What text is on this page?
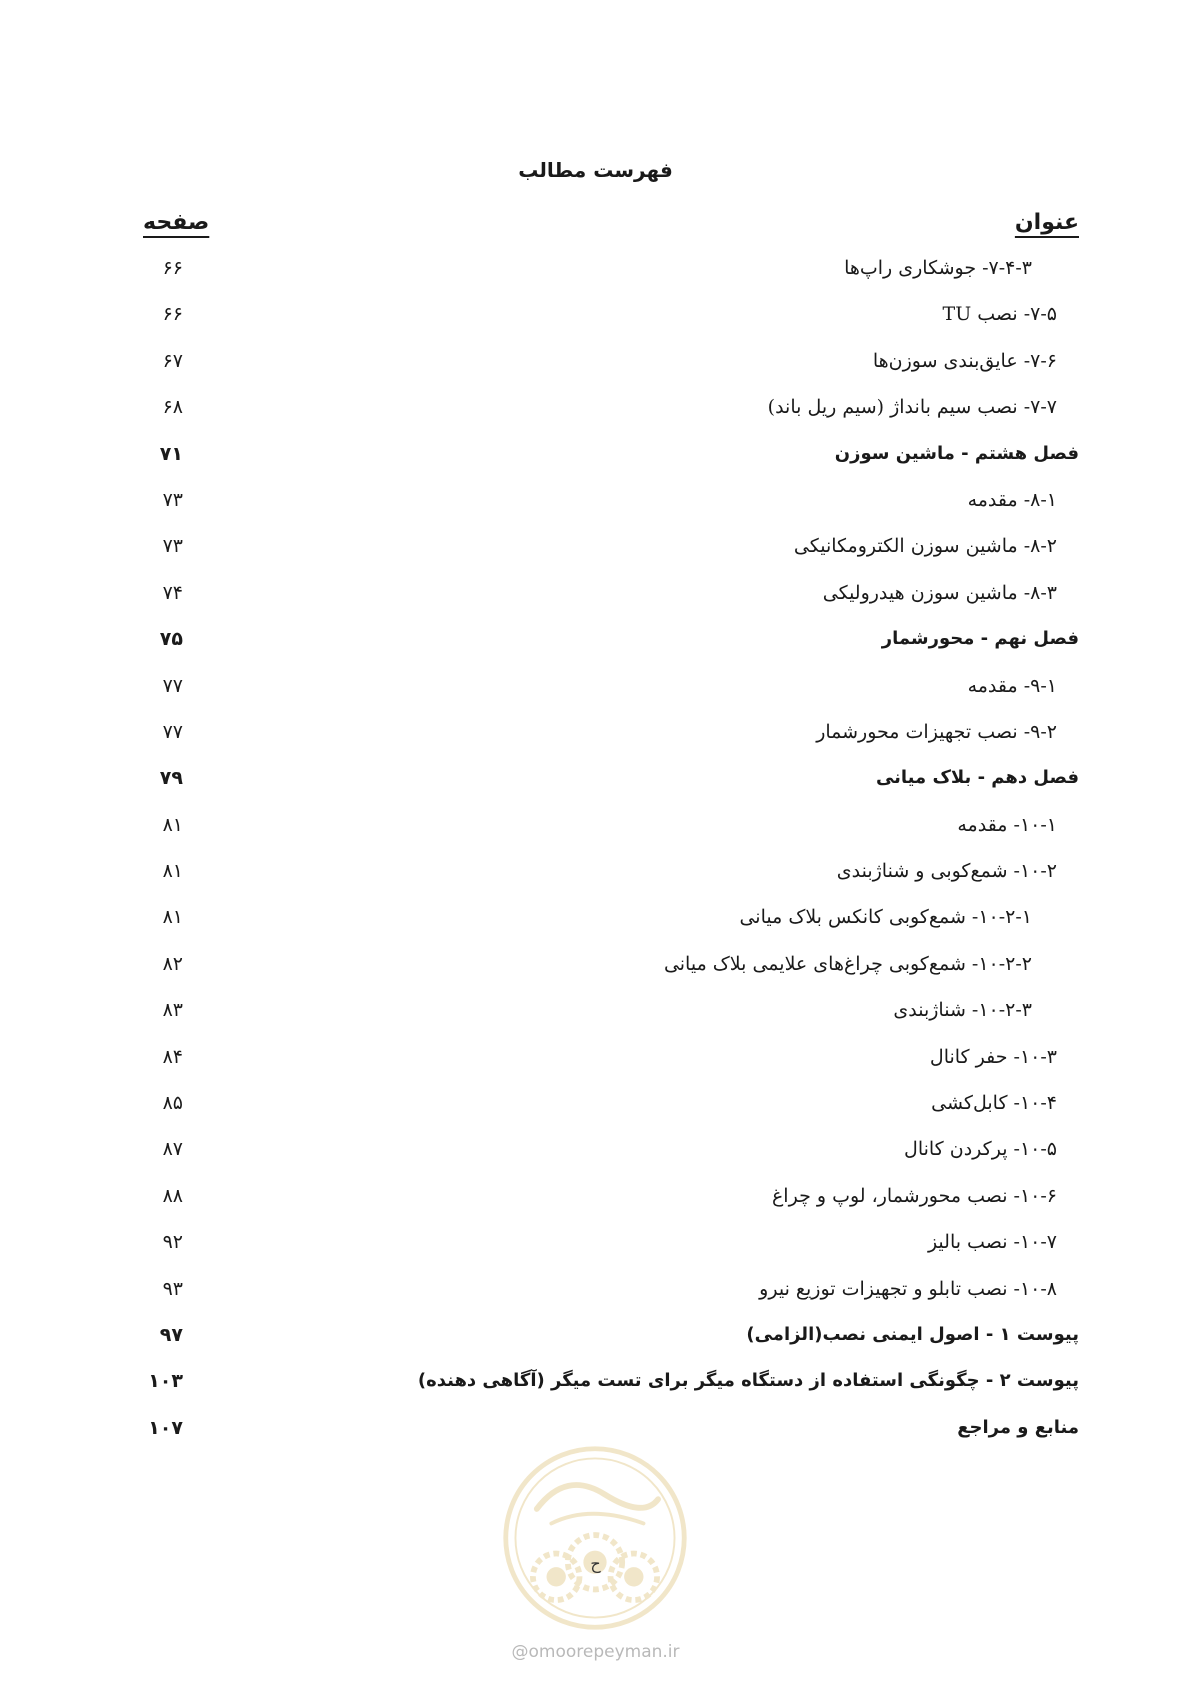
فهرست مطالب
عنوان
صفحه
۷-۴-۳- جوشکاری راپ‌ها
۶۶
۷-۵- نصب TU
۶۶
۷-۶- عایق‌بندی سوزن‌ها
۶۷
۷-۷- نصب سیم بانداژ (سیم ریل باند)
۶۸
فصل هشتم - ماشین سوزن
۷۱
۸-۱- مقدمه
۷۳
۸-۲- ماشین سوزن الکترومکانیکی
۷۳
۸-۳- ماشین سوزن هیدرولیکی
۷۴
فصل نهم - محورشمار
۷۵
۹-۱- مقدمه
۷۷
۹-۲- نصب تجهیزات محورشمار
۷۷
فصل دهم - بلاک میانی
۷۹
۱۰-۱- مقدمه
۸۱
۱۰-۲- شمع‌کوبی و شناژبندی
۸۱
۱۰-۲-۱- شمع‌کوبی کانکس بلاک میانی
۸۱
۱۰-۲-۲- شمع‌کوبی چراغ‌های علایمی بلاک میانی
۸۲
۱۰-۲-۳- شناژبندی
۸۳
۱۰-۳- حفر کانال
۸۴
۱۰-۴- کابل‌کشی
۸۵
۱۰-۵- پرکردن کانال
۸۷
۱۰-۶- نصب محورشمار، لوپ و چراغ
۸۸
۱۰-۷- نصب بالیز
۹۲
۱۰-۸- نصب تابلو و تجهیزات توزیع نیرو
۹۳
پیوست ۱ - اصول ایمنی نصب(الزامی)
۹۷
پیوست ۲ - چگونگی استفاده از دستگاه میگر برای تست میگر (آگاهی دهنده)
۱۰۳
منابع و مراجع
۱۰۷
ح
@omoorepeyman.ir
